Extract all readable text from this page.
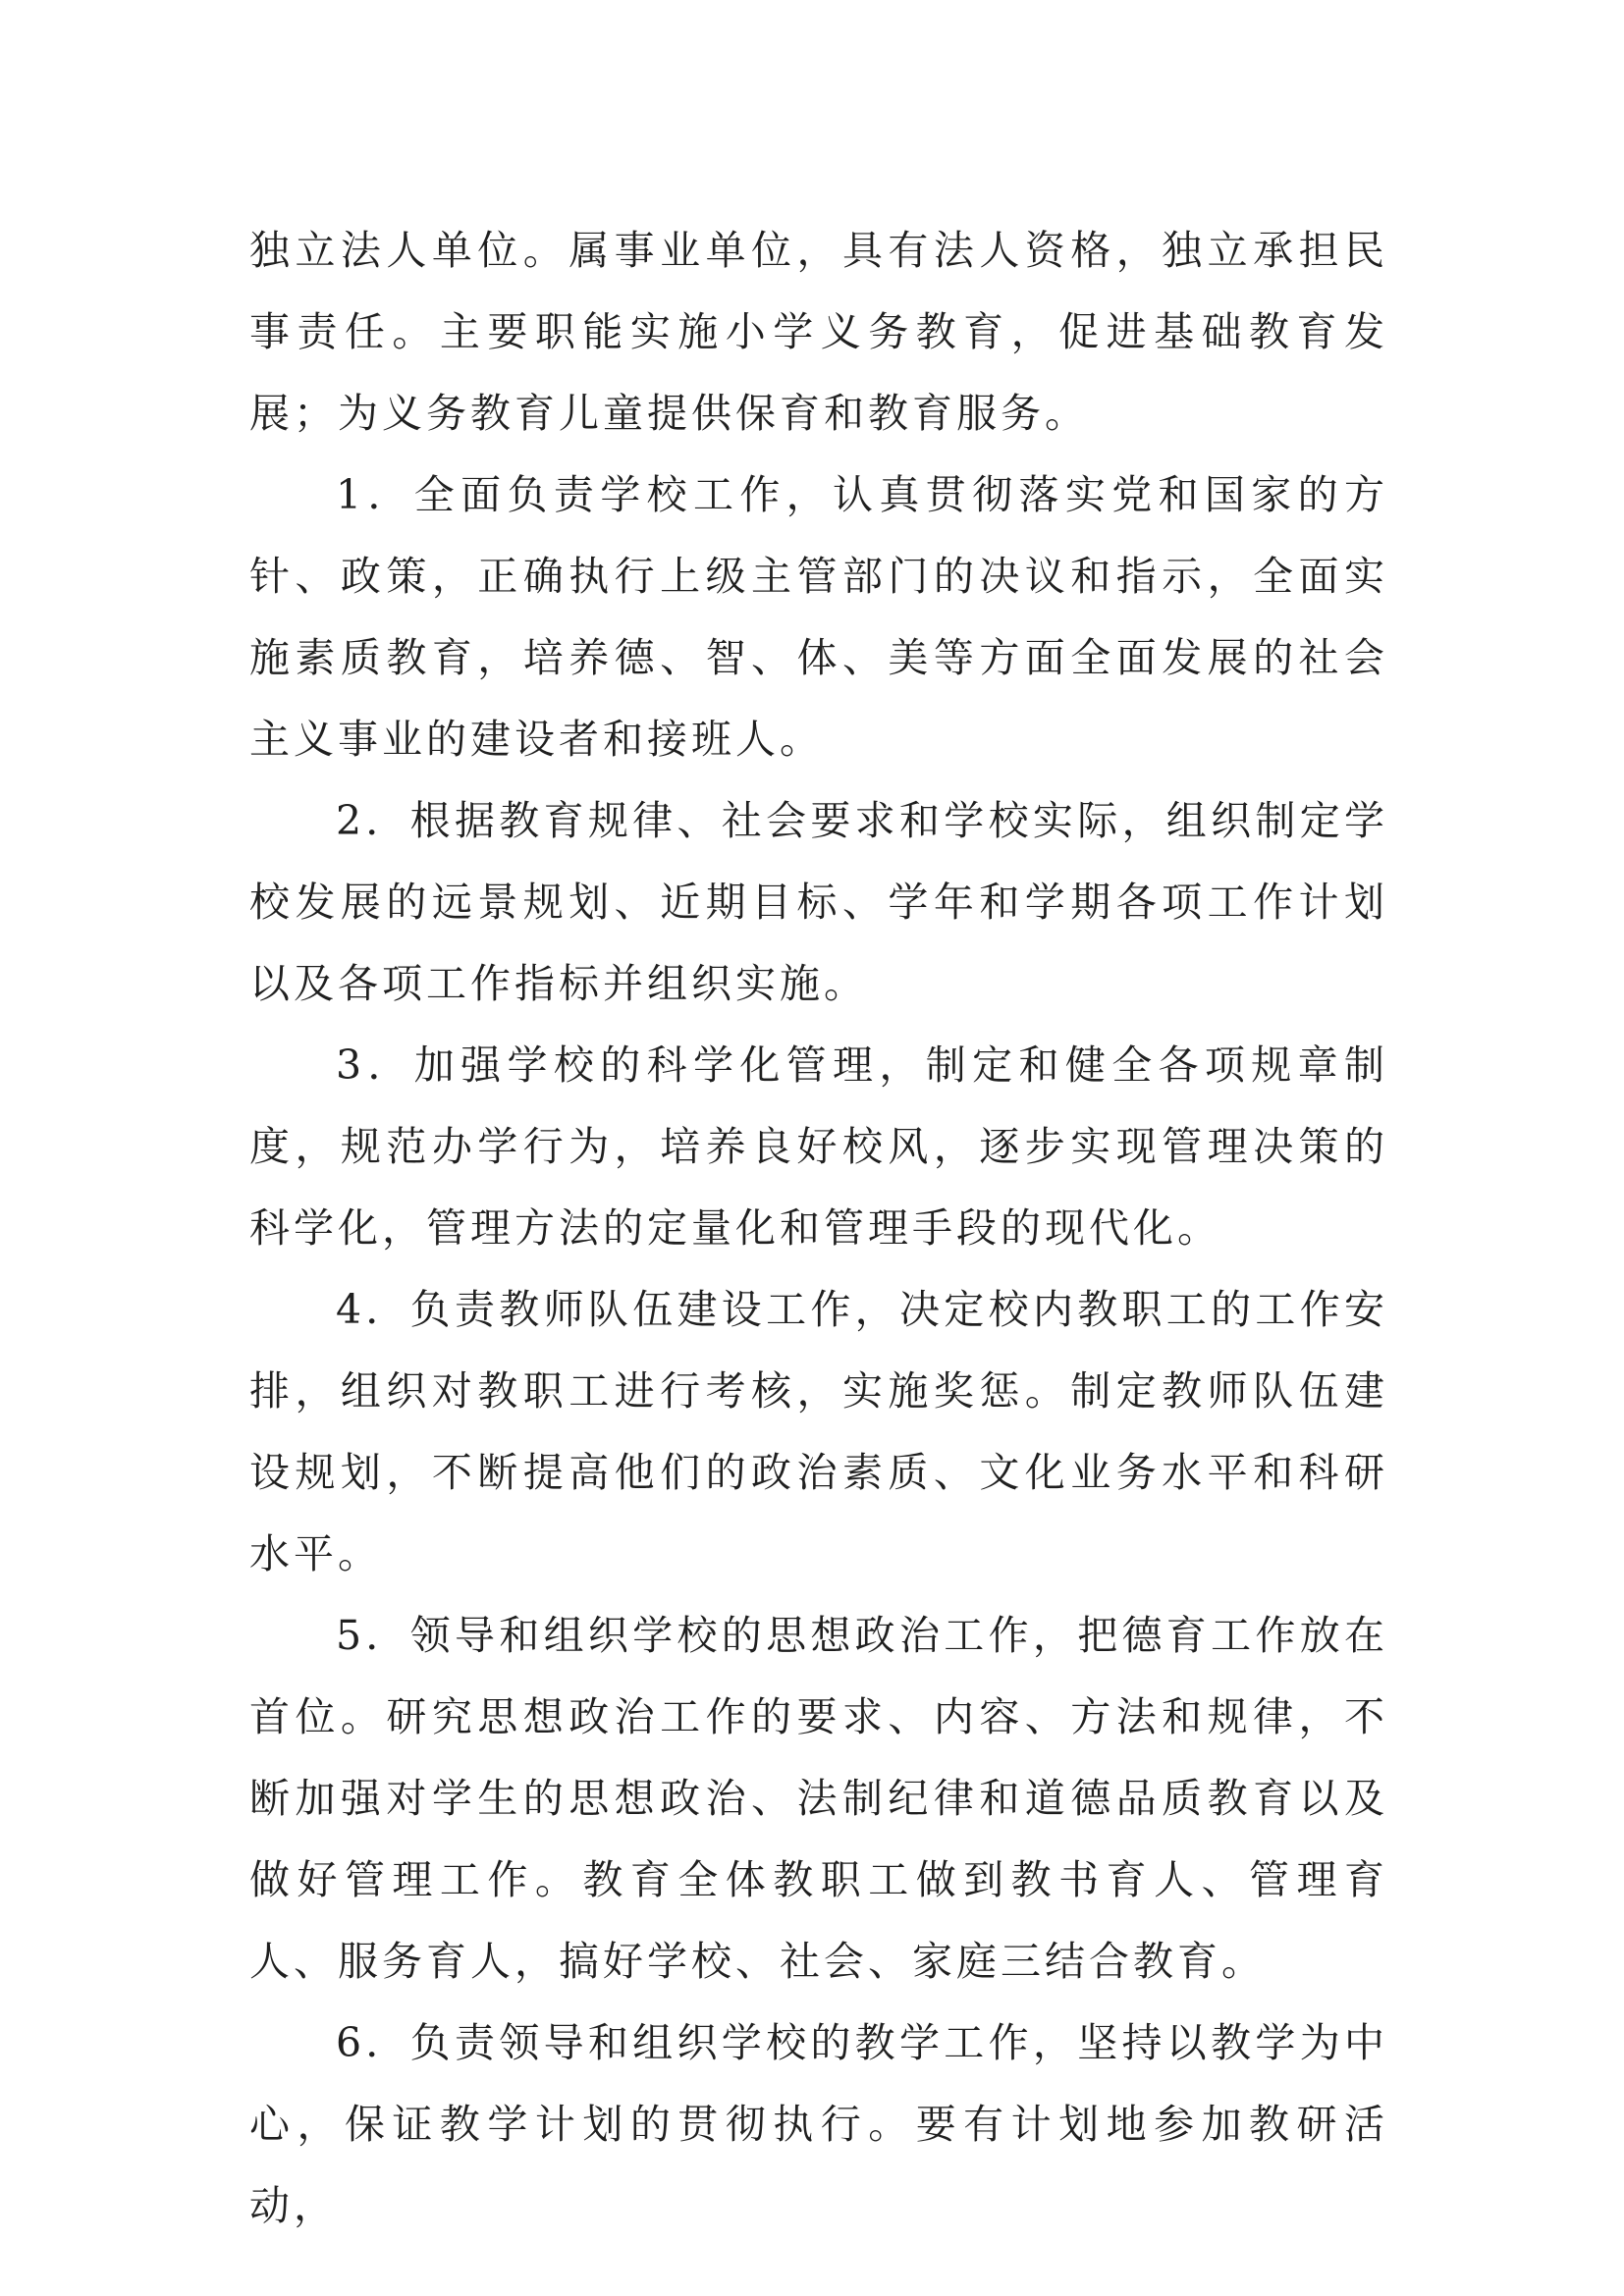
独立法人单位。属事业单位，具有法人资格，独立承担民事责任。主要职能实施小学义务教育，促进基础教育发展；为义务教育儿童提供保育和教育服务。

1．全面负责学校工作，认真贯彻落实党和国家的方针、政策，正确执行上级主管部门的决议和指示，全面实施素质教育，培养德、智、体、美等方面全面发展的社会主义事业的建设者和接班人。

2．根据教育规律、社会要求和学校实际，组织制定学校发展的远景规划、近期目标、学年和学期各项工作计划以及各项工作指标并组织实施。

3．加强学校的科学化管理，制定和健全各项规章制度，规范办学行为，培养良好校风，逐步实现管理决策的科学化，管理方法的定量化和管理手段的现代化。

4．负责教师队伍建设工作，决定校内教职工的工作安排，组织对教职工进行考核，实施奖惩。制定教师队伍建设规划，不断提高他们的政治素质、文化业务水平和科研水平。

5．领导和组织学校的思想政治工作，把德育工作放在首位。研究思想政治工作的要求、内容、方法和规律，不断加强对学生的思想政治、法制纪律和道德品质教育以及做好管理工作。教育全体教职工做到教书育人、管理育人、服务育人，搞好学校、社会、家庭三结合教育。

6．负责领导和组织学校的教学工作，坚持以教学为中心，保证教学计划的贯彻执行。要有计划地参加教研活动，
